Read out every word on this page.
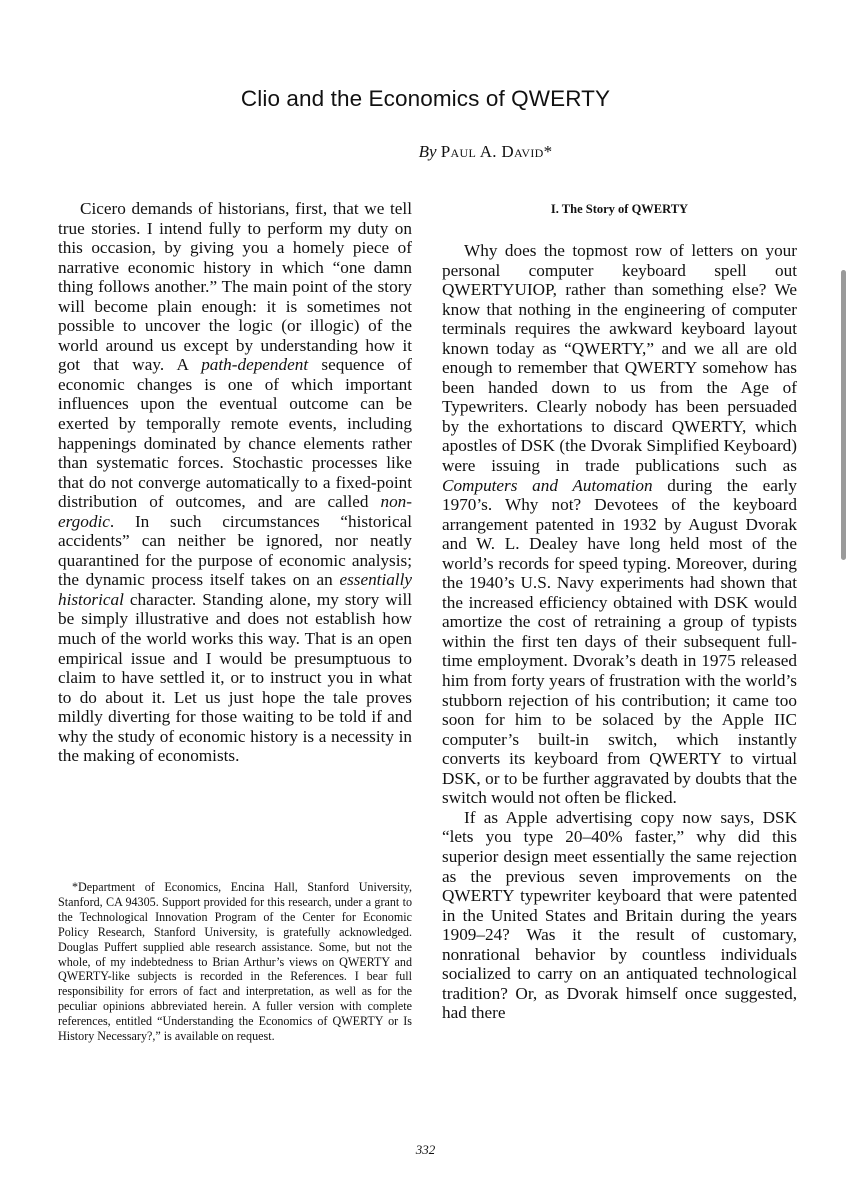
Clio and the Economics of QWERTY
By Paul A. David*

Cicero demands of historians, first, that we tell true stories. I intend fully to perform my duty on this occasion, by giving you a homely piece of narrative economic history in which “one damn thing follows another.” The main point of the story will become plain enough: it is sometimes not possible to uncover the logic (or illogic) of the world around us except by understanding how it got that way. A path-dependent sequence of economic changes is one of which important influences upon the eventual outcome can be exerted by temporally remote events, including happenings dominated by chance elements rather than systematic forces. Stochastic processes like that do not converge automatically to a fixed-point distribution of outcomes, and are called non-ergodic. In such circumstances “historical accidents” can neither be ignored, nor neatly quarantined for the purpose of economic analysis; the dynamic process itself takes on an essentially historical character. Standing alone, my story will be simply illustrative and does not establish how much of the world works this way. That is an open empirical issue and I would be presumptuous to claim to have settled it, or to instruct you in what to do about it. Let us just hope the tale proves mildly diverting for those waiting to be told if and why the study of economic history is a necessity in the making of economists.

*Department of Economics, Encina Hall, Stanford University, Stanford, CA 94305. Support provided for this research, under a grant to the Technological Innovation Program of the Center for Economic Policy Research, Stanford University, is gratefully acknowledged. Douglas Puffert supplied able research assistance. Some, but not the whole, of my indebtedness to Brian Arthur’s views on QWERTY and QWERTY-like subjects is recorded in the References. I bear full responsibility for errors of fact and interpretation, as well as for the peculiar opinions abbreviated herein. A fuller version with complete references, entitled “Understanding the Economics of QWERTY or Is History Necessary?,” is available on request.
I. The Story of QWERTY

Why does the topmost row of letters on your personal computer keyboard spell out QWERTYUIOP, rather than something else? We know that nothing in the engineering of computer terminals requires the awkward keyboard layout known today as “QWERTY,” and we all are old enough to remember that QWERTY somehow has been handed down to us from the Age of Typewriters. Clearly nobody has been persuaded by the exhortations to discard QWERTY, which apostles of DSK (the Dvorak Simplified Keyboard) were issuing in trade publications such as Computers and Automation during the early 1970’s. Why not? Devotees of the keyboard arrangement patented in 1932 by August Dvorak and W. L. Dealey have long held most of the world’s records for speed typing. Moreover, during the 1940’s U.S. Navy experiments had shown that the increased efficiency obtained with DSK would amortize the cost of retraining a group of typists within the first ten days of their subsequent full-time employment. Dvorak’s death in 1975 released him from forty years of frustration with the world’s stubborn rejection of his contribution; it came too soon for him to be solaced by the Apple IIC computer’s built-in switch, which instantly converts its keyboard from QWERTY to virtual DSK, or to be further aggravated by doubts that the switch would not often be flicked.

If as Apple advertising copy now says, DSK “lets you type 20–40% faster,” why did this superior design meet essentially the same rejection as the previous seven improvements on the QWERTY typewriter keyboard that were patented in the United States and Britain during the years 1909–24? Was it the result of customary, nonrational behavior by countless individuals socialized to carry on an antiquated technological tradition? Or, as Dvorak himself once suggested, had there

332
